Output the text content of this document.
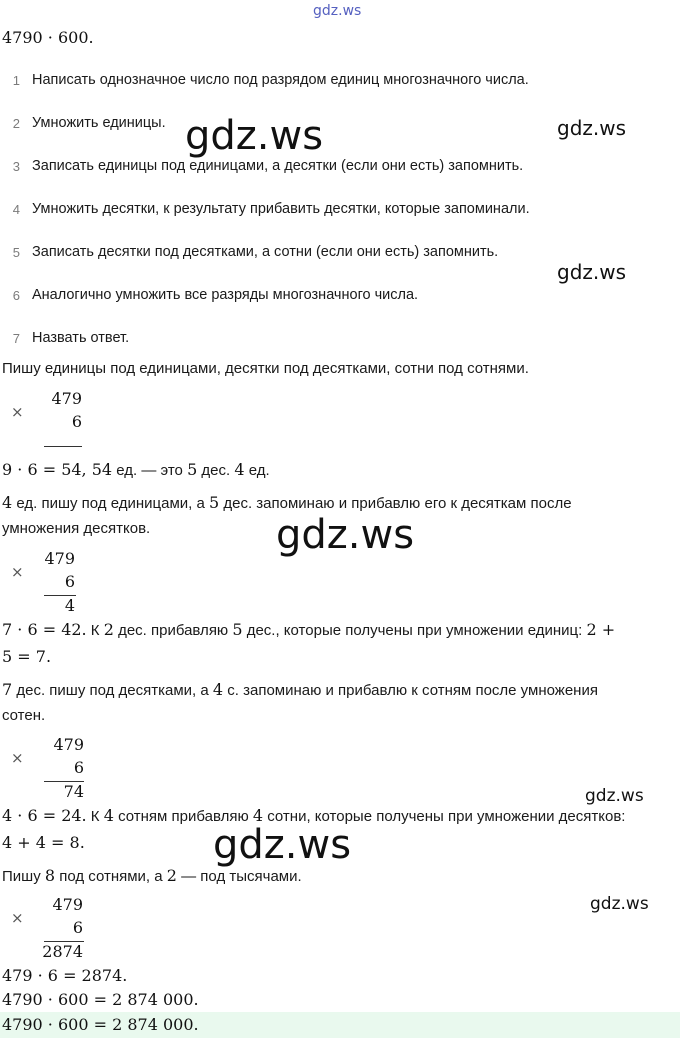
gdz.ws
4790 · 600.
1 Написать однозначное число под разрядом единиц многозначного числа.
2 Умножить единицы.
3 Записать единицы под единицами, а десятки (если они есть) запомнить.
4 Умножить десятки, к результату прибавить десятки, которые запоминали.
5 Записать десятки под десятками, а сотни (если они есть) запомнить.
6 Аналогично умножить все разряды многозначного числа.
7 Назвать ответ.
Пишу единицы под единицами, десятки под десятками, сотни под сотнями.
×
479
6
9 · 6 = 54, 54 ед. — это 5 дес. 4 ед.
4 ед. пишу под единицами, а 5 дес. запоминаю и прибавлю его к десяткам после
умножения десятков.
×
479
6
4
7 · 6 = 42. К 2 дес. прибавляю 5 дес., которые получены при умножении единиц: 2 +
5 = 7.
7 дес. пишу под десятками, а 4 с. запоминаю и прибавлю к сотням после умножения
сотен.
×
479
6
74
4 · 6 = 24. К 4 сотням прибавляю 4 сотни, которые получены при умножении десятков:
4 + 4 = 8.
Пишу 8 под сотнями, а 2 — под тысячами.
×
479
6
2874
479 · 6 = 2874.
4790 · 600 = 2 874 000.
4790 · 600 = 2 874 000.
gdz.ws	gdz.ws
gdz.ws
gdz.ws
gdz.ws
gdz.ws
gdz.ws
